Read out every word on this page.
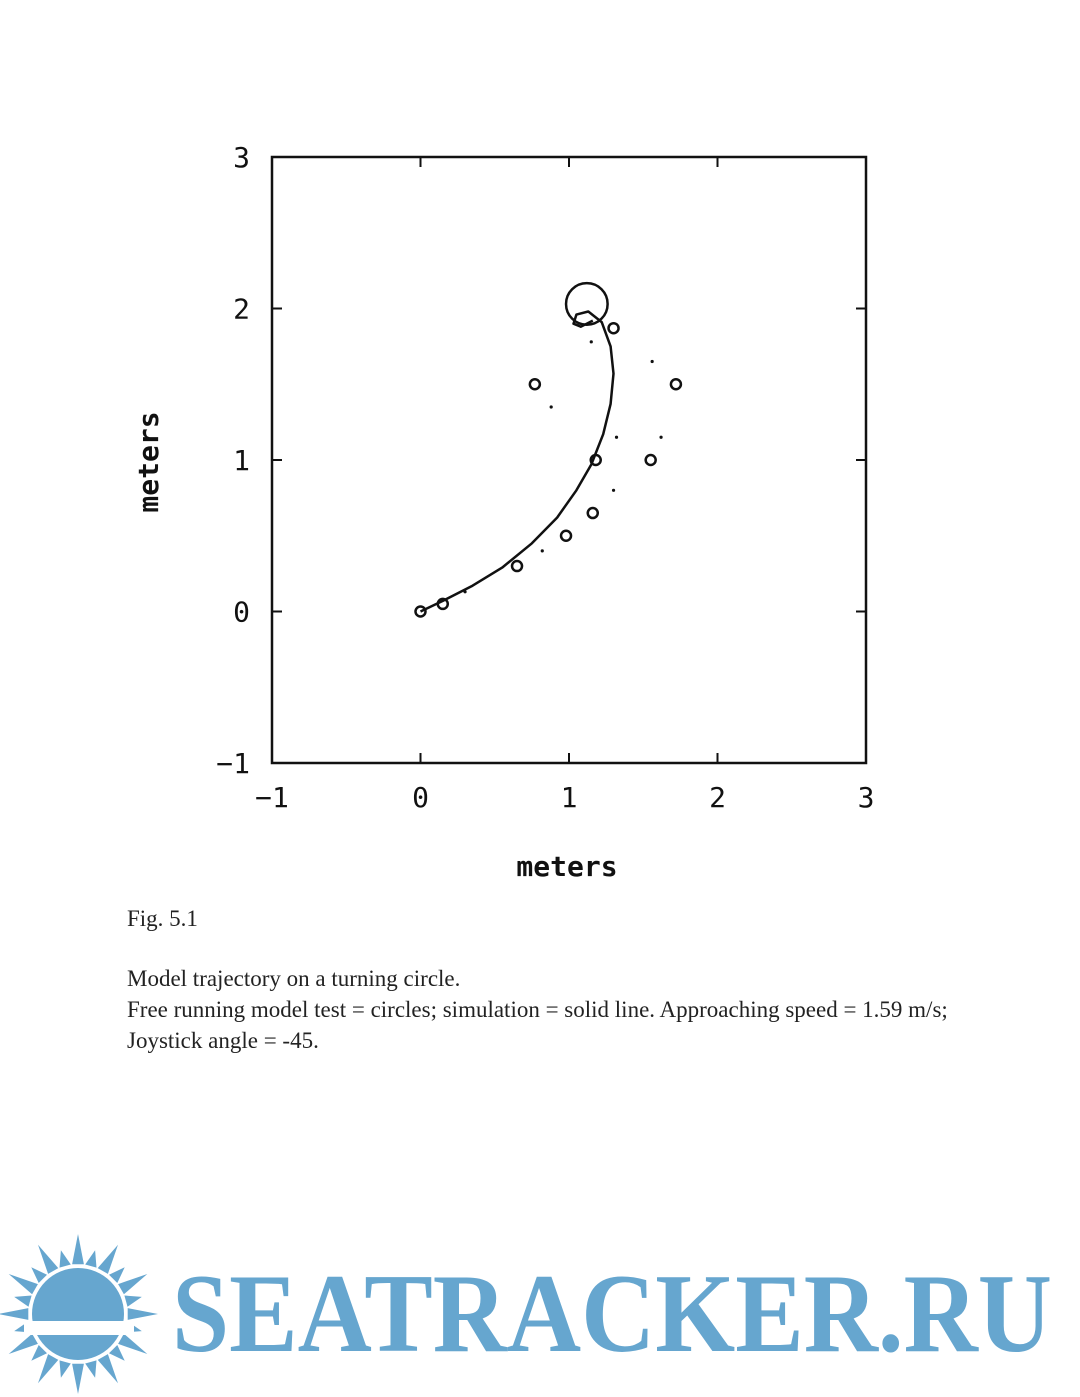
−1
−1
0
0
1
1
2
2
3
3
meters
meters
Fig. 5.1
Model trajectory on a turning circle.
Free running model test = circles; simulation = solid line. Approaching speed = 1.59 m/s; Joystick angle = -45.
SEATRACKER.RU
